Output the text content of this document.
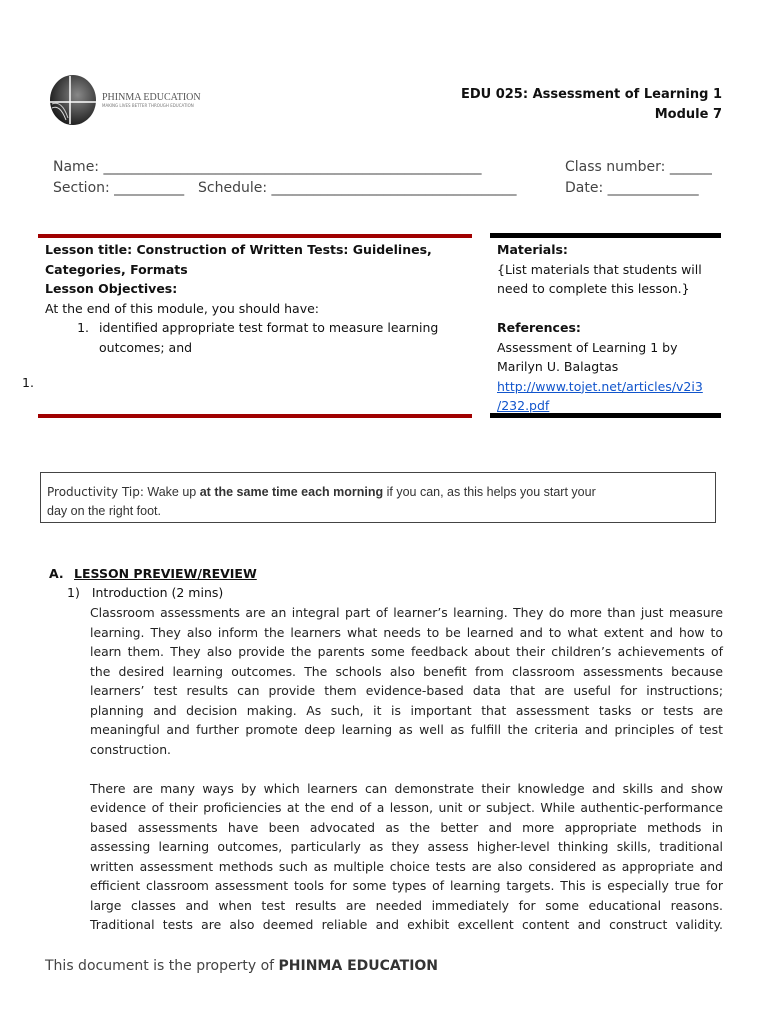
PHINMA EDUCATION
MAKING LIVES BETTER THROUGH EDUCATION
EDU 025: Assessment of Learning 1
Module 7
Name: ______________________________________________________	Class number: ______
Section: __________ Schedule: ___________________________________	Date: _____________
Lesson title: Construction of Written Tests: Guidelines,
Categories, Formats
Lesson Objectives:
At the end of this module, you should have:
1. identified appropriate test format to measure learning
outcomes; and
1.
Materials:
{List materials that students will
need to complete this lesson.}
References:
Assessment of Learning 1 by
Marilyn U. Balagtas
http://www.tojet.net/articles/v2i3
/232.pdf
Productivity Tip: Wake up at the same time each morning if you can, as this helps you start your
day on the right foot.
A. LESSON PREVIEW/REVIEW
1) Introduction (2 mins)
Classroom assessments are an integral part of learner’s learning. They do more than just measure
learning. They also inform the learners what needs to be learned and to what extent and how to
learn them. They also provide the parents some feedback about their children’s achievements of
the desired learning outcomes. The schools also benefit from classroom assessments because
learners’ test results can provide them evidence-based data that are useful for instructions;
planning and decision making. As such, it is important that assessment tasks or tests are
meaningful and further promote deep learning as well as fulfill the criteria and principles of test
construction.
There are many ways by which learners can demonstrate their knowledge and skills and show
evidence of their proficiencies at the end of a lesson, unit or subject. While authentic-performance
based assessments have been advocated as the better and more appropriate methods in
assessing learning outcomes, particularly as they assess higher-level thinking skills, traditional
written assessment methods such as multiple choice tests are also considered as appropriate and
efficient classroom assessment tools for some types of learning targets. This is especially true for
large classes and when test results are needed immediately for some educational reasons.
Traditional tests are also deemed reliable and exhibit excellent content and construct validity.
This document is the property of PHINMA EDUCATION
